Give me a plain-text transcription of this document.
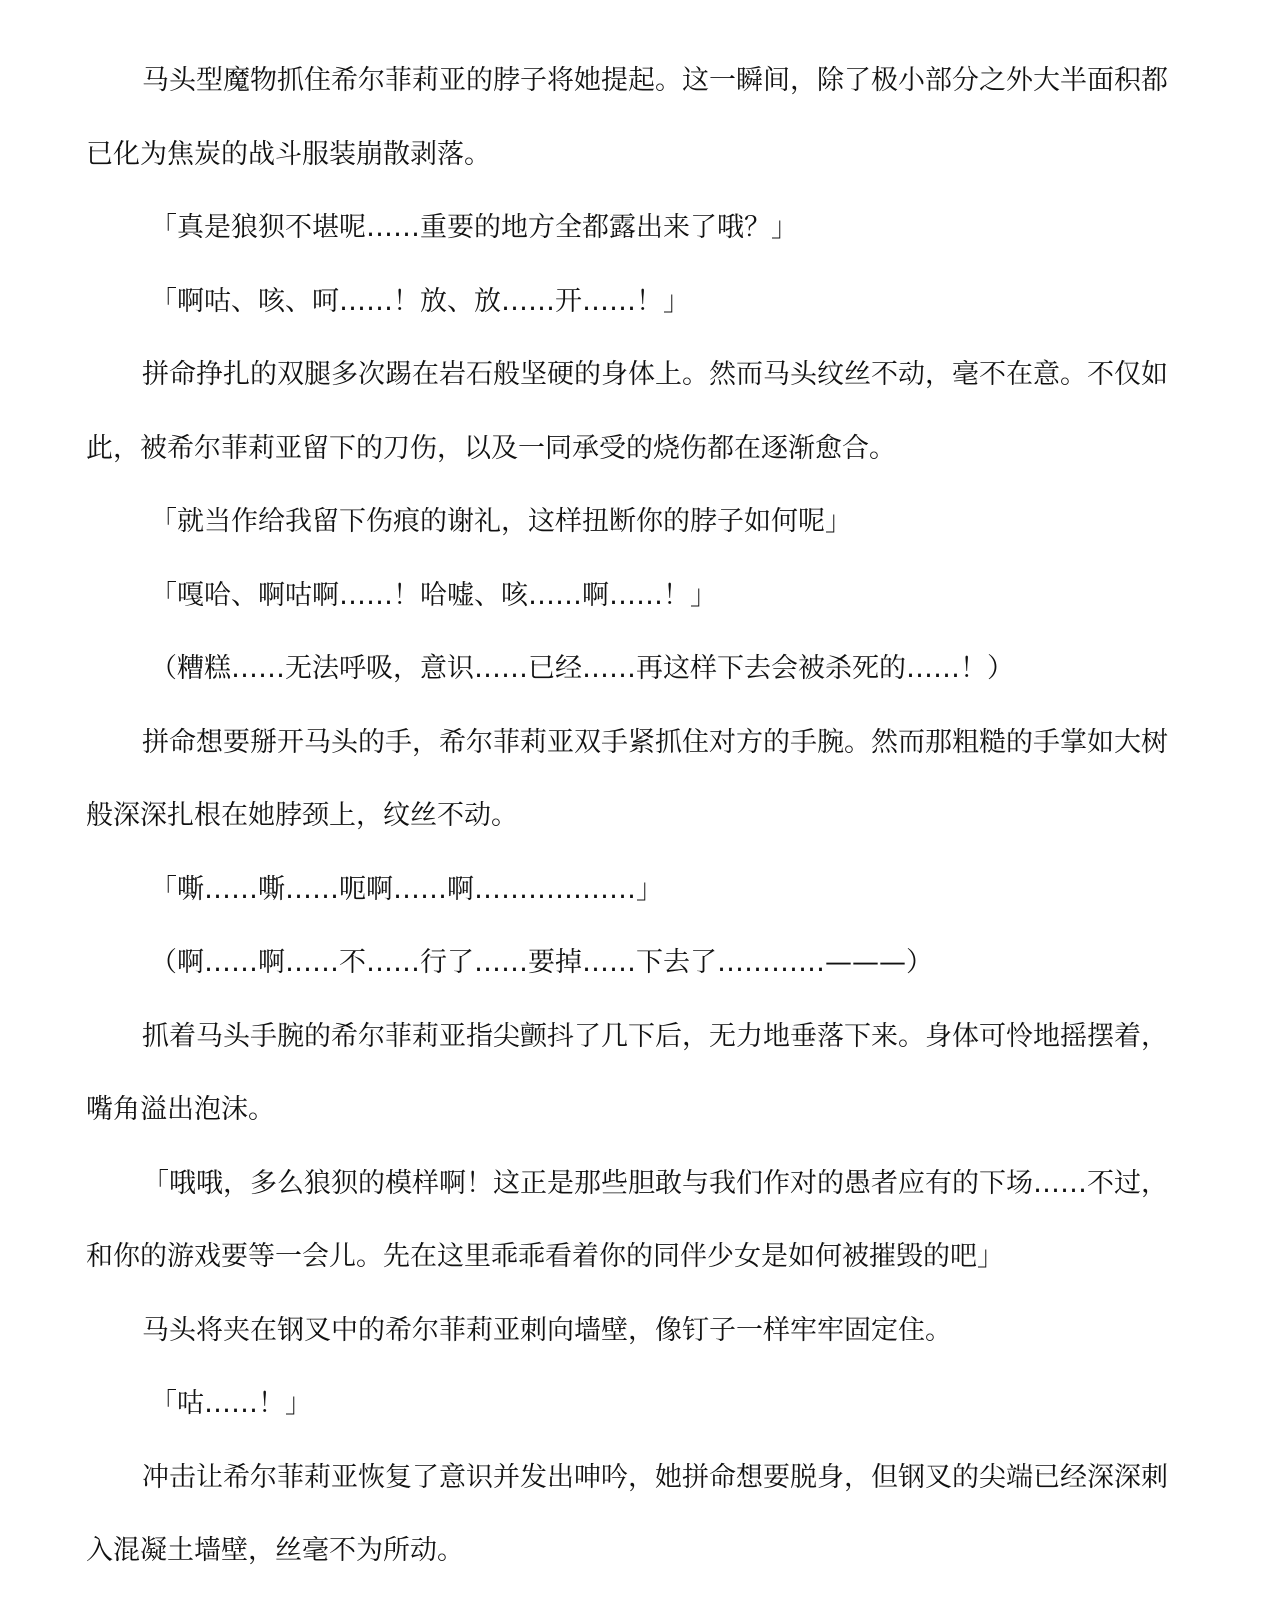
马头型魔物抓住希尔菲莉亚的脖子将她提起。这一瞬间，除了极小部分之外大半面积都已化为焦炭的战斗服装崩散剥落。

「真是狼狈不堪呢……重要的地方全都露出来了哦？」

「啊咕、咳、呵……！放、放……开……！」

拼命挣扎的双腿多次踢在岩石般坚硬的身体上。然而马头纹丝不动，毫不在意。不仅如此，被希尔菲莉亚留下的刀伤，以及一同承受的烧伤都在逐渐愈合。

「就当作给我留下伤痕的谢礼，这样扭断你的脖子如何呢」

「嘎哈、啊咕啊……！哈嘘、咳……啊……！」

（糟糕……无法呼吸，意识……已经……再这样下去会被杀死的……！）

拼命想要掰开马头的手，希尔菲莉亚双手紧抓住对方的手腕。然而那粗糙的手掌如大树般深深扎根在她脖颈上，纹丝不动。

「嘶……嘶……呃啊……啊………………」

（啊……啊……不……行了……要掉……下去了…………———）

抓着马头手腕的希尔菲莉亚指尖颤抖了几下后，无力地垂落下来。身体可怜地摇摆着，嘴角溢出泡沫。

「哦哦，多么狼狈的模样啊！这正是那些胆敢与我们作对的愚者应有的下场……不过，和你的游戏要等一会儿。先在这里乖乖看着你的同伴少女是如何被摧毁的吧」

马头将夹在钢叉中的希尔菲莉亚刺向墙壁，像钉子一样牢牢固定住。

「咕……！」

冲击让希尔菲莉亚恢复了意识并发出呻吟，她拼命想要脱身，但钢叉的尖端已经深深刺入混凝土墙壁，丝毫不为所动。
